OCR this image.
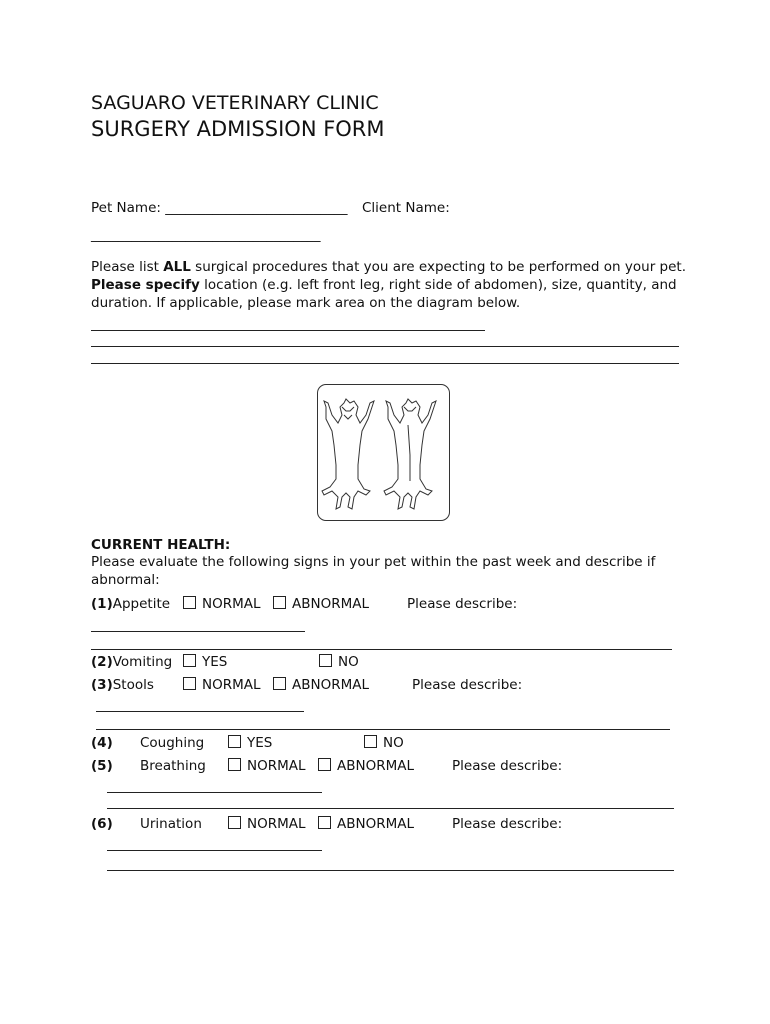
SAGUARO VETERINARY CLINIC
SURGERY ADMISSION FORM
Pet Name: ___________________________ Client Name:
__________________________________
Please list ALL surgical procedures that you are expecting to be performed on your pet. Please specify location (e.g. left front leg, right side of abdomen), size, quantity, and duration. If applicable, please mark area on the diagram below.
CURRENT HEALTH:
Please evaluate the following signs in your pet within the past week and describe if abnormal:
(1)Appetite	NORMAL	ABNORMAL	Please describe:
(2)Vomiting	YES	NO
(3)Stools	NORMAL	ABNORMAL	Please describe:
(4) Coughing	YES	NO
(5) Breathing	NORMAL	ABNORMAL	Please describe:
(6) Urination	NORMAL	ABNORMAL	Please describe:
